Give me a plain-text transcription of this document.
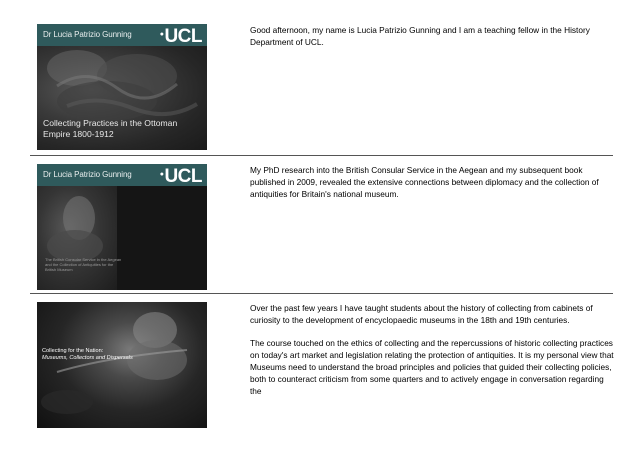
Dr Lucia Patrizio Gunning	●UCL
Collecting Practices in the Ottoman Empire 1800-1912

Good afternoon, my name is Lucia Patrizio Gunning and I am a teaching fellow in the History Department of UCL.

Dr Lucia Patrizio Gunning	●UCL
The British Consular Service in the Aegean and the Collection of Antiquities for the British Museum

My PhD research into the British Consular Service in the Aegean and my subsequent book published in 2009, revealed the extensive connections between diplomacy and the collection of antiquities for Britain's national museum.

Collecting for the Nation:
Museums, Collectors and Dispersals

Over the past few years I have taught students about the history of collecting from cabinets of curiosity to the development of encyclopaedic museums in the 18th and 19th centuries.

The course touched on the ethics of collecting and the repercussions of historic collecting practices on today's art market and legislation relating the protection of antiquities. It is my personal view that Museums need to understand the broad principles and policies that guided their collecting policies, both to counteract criticism from some quarters and to actively engage in conversation regarding the
